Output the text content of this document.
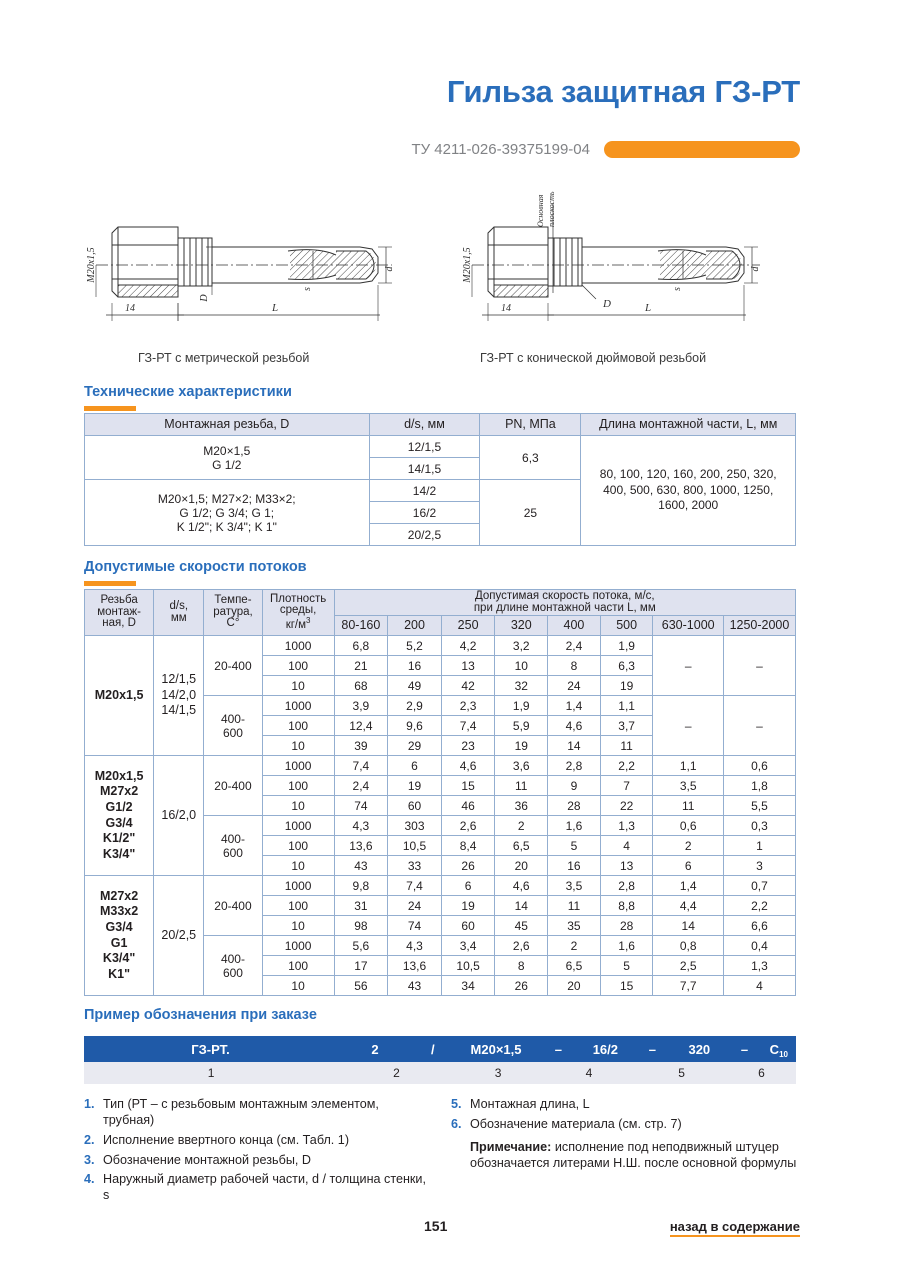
Гильза защитная ГЗ-РТ
ТУ 4211-026-39375199-04
M20x1,5
14	L
D
d
s
M20x1,5
14	L
D
d
s
Основная плоскость
ГЗ-РТ с метрической резьбой	ГЗ-РТ с конической дюймовой резьбой
Технические характеристики
Монтажная резьба, D	d/s, мм	PN, МПа	Длина монтажной части, L, мм
M20×1,5
G 1/2	12/1,5	6,3	80, 100, 120, 160, 200, 250, 320, 400, 500, 630, 800, 1000, 1250, 1600, 2000
	14/1,5		
M20×1,5; M27×2; M33×2;
G 1/2; G 3/4; G 1;
K 1/2"; K 3/4"; K 1"	14/2	25	
	16/2		
	20/2,5		
Допустимые скорости потоков
Резьба
монтаж-
ная, D	d/s,
мм	Темпе-
ратура,
С°	Плотность
среды,
$кг/м^3$	Допустимая скорость потока, м/с,
при длине монтажной части L, мм							
				80-160	200	250	320	400	500	630-1000	1250-2000
M20x1,5	12/1,5
14/2,0
14/1,5	20-400	1000	6,8	5,2	4,2	3,2	2,4	1,9	–	–
			100	21	16	13	10	8	6,3		
			10	68	49	42	32	24	19		
		400-
600	1000	3,9	2,9	2,3	1,9	1,4	1,1	–	–
			100	12,4	9,6	7,4	5,9	4,6	3,7		
			10	39	29	23	19	14	11		
M20x1,5
M27x2
G1/2
G3/4
K1/2"
K3/4"	16/2,0	20-400	1000	7,4	6	4,6	3,6	2,8	2,2	1,1	0,6
			100	2,4	19	15	11	9	7	3,5	1,8
			10	74	60	46	36	28	22	11	5,5
		400-
600	1000	4,3	303	2,6	2	1,6	1,3	0,6	0,3
			100	13,6	10,5	8,4	6,5	5	4	2	1
			10	43	33	26	20	16	13	6	3
M27x2
M33x2
G3/4
G1
K3/4"
K1"	20/2,5	20-400	1000	9,8	7,4	6	4,6	3,5	2,8	1,4	0,7
			100	31	24	19	14	11	8,8	4,4	2,2
			10	98	74	60	45	35	28	14	6,6
		400-
600	1000	5,6	4,3	3,4	2,6	2	1,6	0,8	0,4
			100	17	13,6	10,5	8	6,5	5	2,5	1,3
			10	56	43	34	26	20	15	7,7	4
Пример обозначения при заказе
ГЗ-РТ.	2	/	M20×1,5	–	16/2	–	320	–	$C_{10}$
1	2	3	4	5	6
1. Тип (РТ – с резьбовым монтажным элементом, трубная)
2. Исполнение ввертного конца (см. Табл. 1)
3. Обозначение монтажной резьбы, D
4. Наружный диаметр рабочей части, d / толщина стенки, s
5. Монтажная длина, L
6. Обозначение материала (см. стр. 7)
Примечание: исполнение под неподвижный штуцер обозначается литерами Н.Ш. после основной формулы
151	назад в содержание
